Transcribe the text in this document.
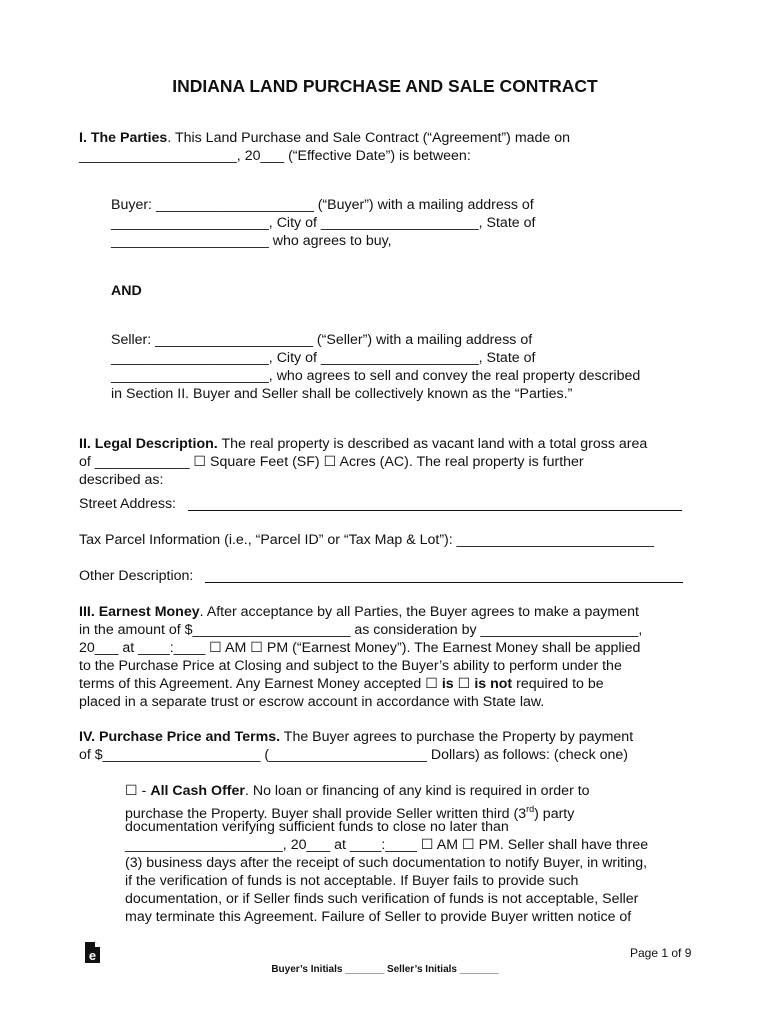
INDIANA LAND PURCHASE AND SALE CONTRACT
I. The Parties. This Land Purchase and Sale Contract (“Agreement”) made on
____________________, 20___ (“Effective Date”) is between:
Buyer: ____________________ (“Buyer”) with a mailing address of
____________________, City of ____________________, State of
____________________ who agrees to buy,
AND
Seller: ____________________ (“Seller”) with a mailing address of
____________________, City of ____________________, State of
____________________, who agrees to sell and convey the real property described
in Section II. Buyer and Seller shall be collectively known as the “Parties.”
II. Legal Description. The real property is described as vacant land with a total gross area
of ____________ ☐ Square Feet (SF) ☐ Acres (AC). The real property is further
described as:
Street Address:
Tax Parcel Information (i.e., “Parcel ID” or “Tax Map & Lot”): _________________________
Other Description:
III. Earnest Money. After acceptance by all Parties, the Buyer agrees to make a payment
in the amount of $____________________ as consideration by ____________________,
20___ at ____:____ ☐ AM ☐ PM (“Earnest Money”). The Earnest Money shall be applied
to the Purchase Price at Closing and subject to the Buyer’s ability to perform under the
terms of this Agreement. Any Earnest Money accepted ☐ is ☐ is not required to be
placed in a separate trust or escrow account in accordance with State law.
IV. Purchase Price and Terms. The Buyer agrees to purchase the Property by payment
of $____________________ (____________________ Dollars) as follows: (check one)
☐ - All Cash Offer. No loan or financing of any kind is required in order to
purchase the Property. Buyer shall provide Seller written third (3rd) party
documentation verifying sufficient funds to close no later than
____________________, 20___ at ____:____ ☐ AM ☐ PM. Seller shall have three
(3) business days after the receipt of such documentation to notify Buyer, in writing,
if the verification of funds is not acceptable. If Buyer fails to provide such
documentation, or if Seller finds such verification of funds is not acceptable, Seller
may terminate this Agreement. Failure of Seller to provide Buyer written notice of
e	Page 1 of 9
Buyer’s Initials _______ Seller’s Initials _______
